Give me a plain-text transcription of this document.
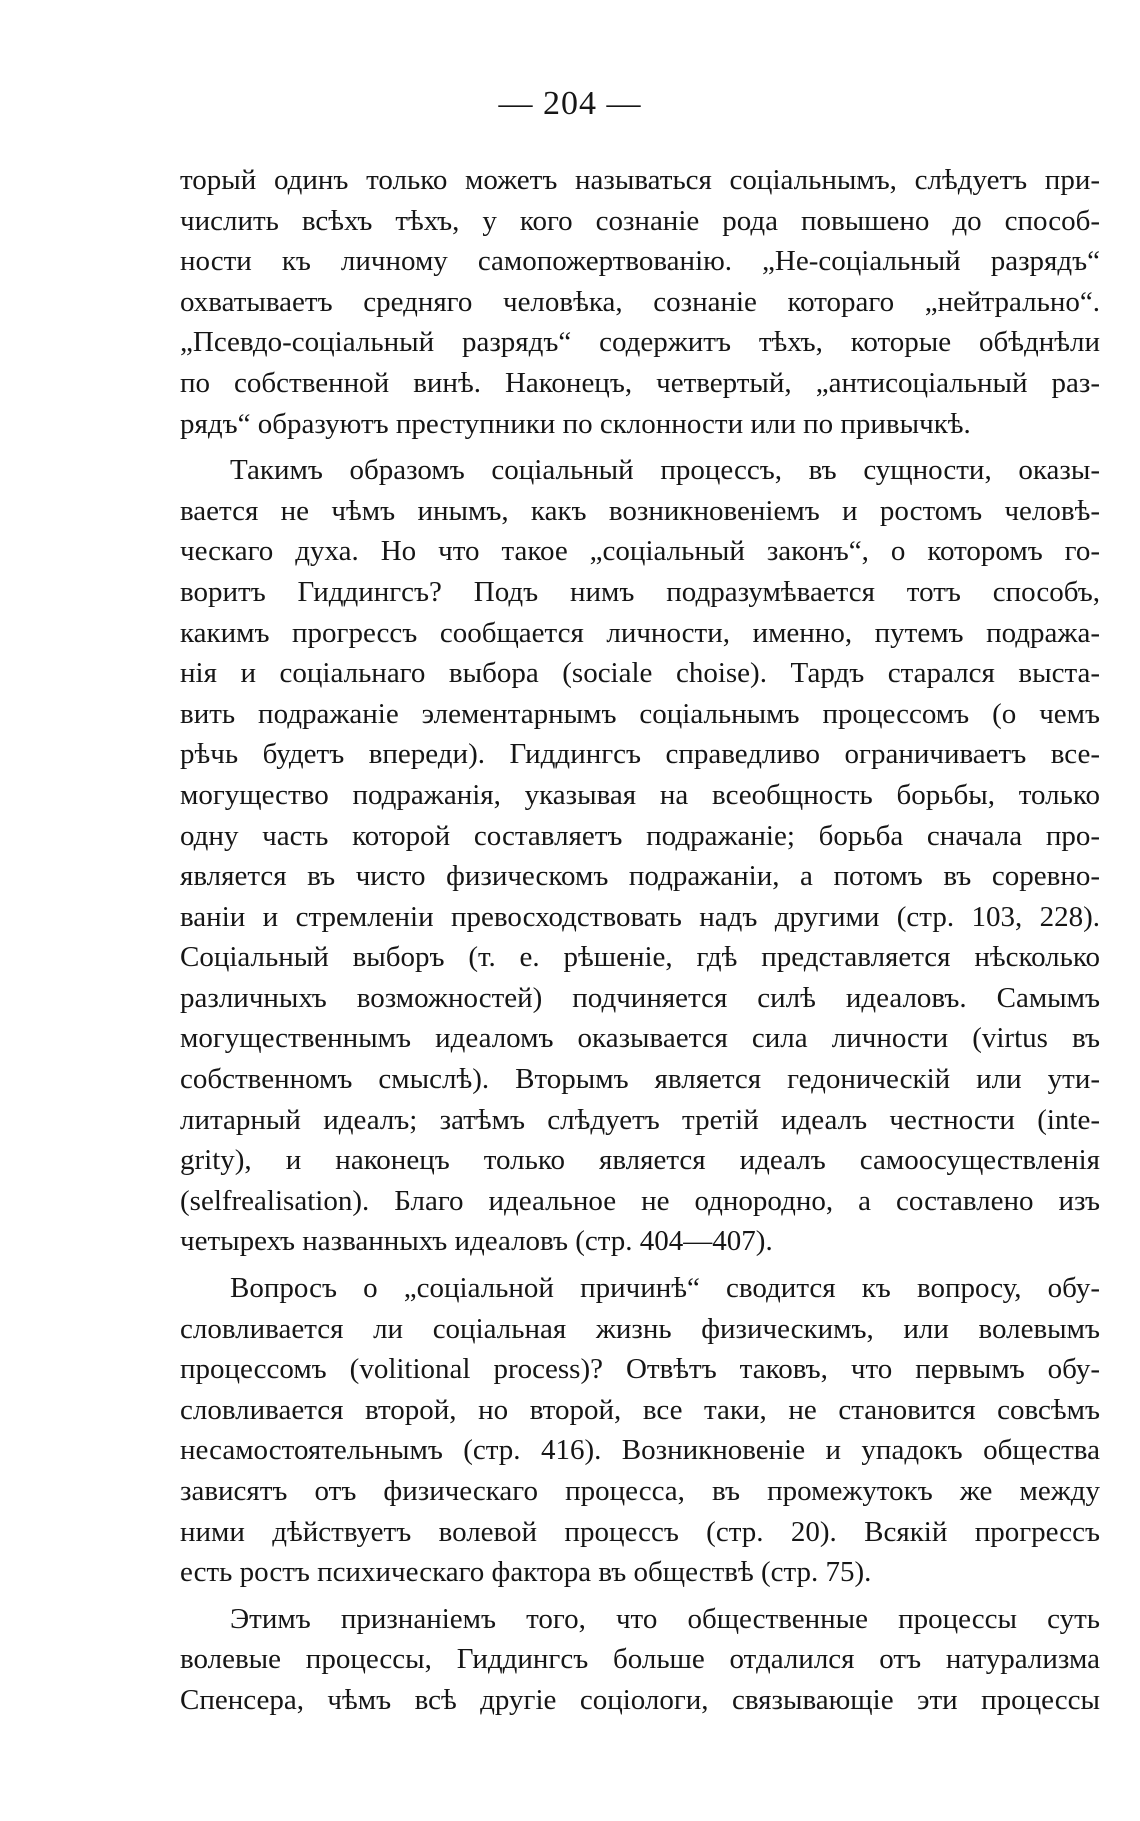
— 204 —
торый одинъ только можетъ называться соціальнымъ, слѣдуетъ при-
числить всѣхъ тѣхъ, у кого сознаніе рода повышено до способ-
ности къ личному самопожертвованію. „Не-соціальный разрядъ“
охватываетъ средняго человѣка, сознаніе котораго „нейтрально“.
„Псевдо-соціальный разрядъ“ содержитъ тѣхъ, которые обѣднѣли
по собственной винѣ. Наконецъ, четвертый, „антисоціальный раз-
рядъ“ образуютъ преступники по склонности или по привычкѣ.
Такимъ образомъ соціальный процессъ, въ сущности, оказы-
вается не чѣмъ инымъ, какъ возникновеніемъ и ростомъ человѣ-
ческаго духа. Но что такое „соціальный законъ“, о которомъ го-
воритъ Гиддингсъ? Подъ нимъ подразумѣвается тотъ способъ,
какимъ прогрессъ сообщается личности, именно, путемъ подража-
нія и соціальнаго выбора (sociale choise). Тардъ старался выста-
вить подражаніе элементарнымъ соціальнымъ процессомъ (о чемъ
рѣчь будетъ впереди). Гиддингсъ справедливо ограничиваетъ все-
могущество подражанія, указывая на всеобщность борьбы, только
одну часть которой составляетъ подражаніе; борьба сначала про-
является въ чисто физическомъ подражаніи, а потомъ въ соревно-
ваніи и стремленіи превосходствовать надъ другими (стр. 103, 228).
Соціальный выборъ (т. е. рѣшеніе, гдѣ представляется нѣсколько
различныхъ возможностей) подчиняется силѣ идеаловъ. Самымъ
могущественнымъ идеаломъ оказывается сила личности (virtus въ
собственномъ смыслѣ). Вторымъ является гедоническій или ути-
литарный идеалъ; затѣмъ слѣдуетъ третій идеалъ честности (inte-
grity), и наконецъ только является идеалъ самоосуществленія
(selfrealisation). Благо идеальное не однородно, а составлено изъ
четырехъ названныхъ идеаловъ (стр. 404—407).
Вопросъ о „соціальной причинѣ“ сводится къ вопросу, обу-
словливается ли соціальная жизнь физическимъ, или волевымъ
процессомъ (volitional process)? Отвѣтъ таковъ, что первымъ обу-
словливается второй, но второй, все таки, не становится совсѣмъ
несамостоятельнымъ (стр. 416). Возникновеніе и упадокъ общества
зависятъ отъ физическаго процесса, въ промежутокъ же между
ними дѣйствуетъ волевой процессъ (стр. 20). Всякій прогрессъ
есть ростъ психическаго фактора въ обществѣ (стр. 75).
Этимъ признаніемъ того, что общественные процессы суть
волевые процессы, Гиддингсъ больше отдалился отъ натурализма
Спенсера, чѣмъ всѣ другіе соціологи, связывающіе эти процессы
